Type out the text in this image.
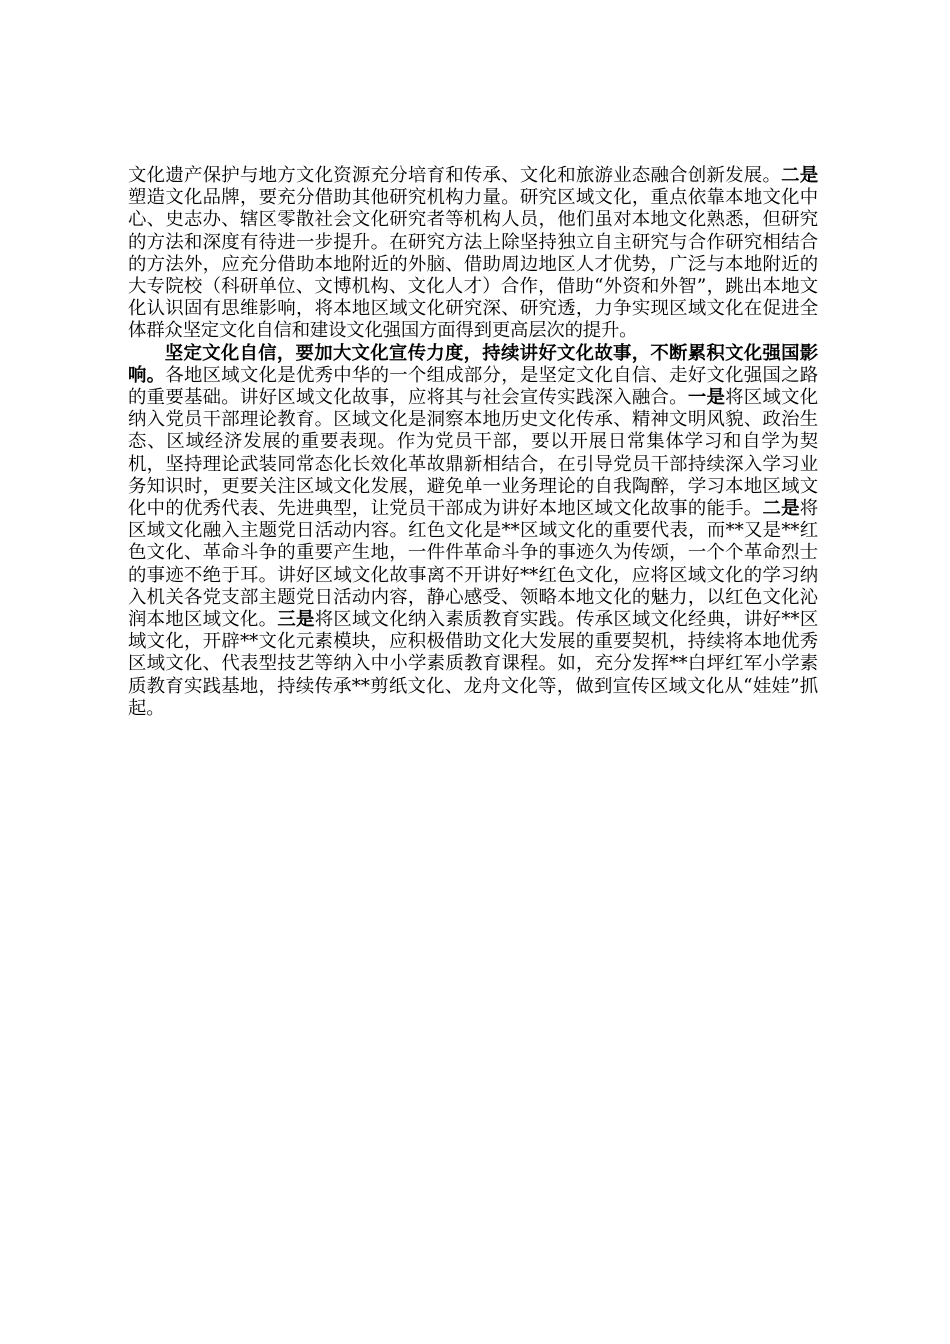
文化遗产保护与地方文化资源充分培育和传承、文化和旅游业态融合创新发展。二是塑造文化品牌，要充分借助其他研究机构力量。研究区域文化，重点依靠本地文化中心、史志办、辖区零散社会文化研究者等机构人员，他们虽对本地文化熟悉，但研究的方法和深度有待进一步提升。在研究方法上除坚持独立自主研究与合作研究相结合的方法外，应充分借助本地附近的外脑、借助周边地区人才优势，广泛与本地附近的大专院校（科研单位、文博机构、文化人才）合作，借助“外资和外智”，跳出本地文化认识固有思维影响，将本地区域文化研究深、研究透，力争实现区域文化在促进全体群众坚定文化自信和建设文化强国方面得到更高层次的提升。

坚定文化自信，要加大文化宣传力度，持续讲好文化故事，不断累积文化强国影响。各地区域文化是优秀中华的一个组成部分，是坚定文化自信、走好文化强国之路的重要基础。讲好区域文化故事，应将其与社会宣传实践深入融合。一是将区域文化纳入党员干部理论教育。区域文化是洞察本地历史文化传承、精神文明风貌、政治生态、区域经济发展的重要表现。作为党员干部，要以开展日常集体学习和自学为契机，坚持理论武装同常态化长效化革故鼎新相结合，在引导党员干部持续深入学习业务知识时，更要关注区域文化发展，避免单一业务理论的自我陶醉，学习本地区域文化中的优秀代表、先进典型，让党员干部成为讲好本地区域文化故事的能手。二是将区域文化融入主题党日活动内容。红色文化是**区域文化的重要代表，而**又是**红色文化、革命斗争的重要产生地，一件件革命斗争的事迹久为传颂，一个个革命烈士的事迹不绝于耳。讲好区域文化故事离不开讲好**红色文化，应将区域文化的学习纳入机关各党支部主题党日活动内容，静心感受、领略本地文化的魅力，以红色文化沁润本地区域文化。三是将区域文化纳入素质教育实践。传承区域文化经典，讲好**区域文化，开辟**文化元素模块，应积极借助文化大发展的重要契机，持续将本地优秀区域文化、代表型技艺等纳入中小学素质教育课程。如，充分发挥**白坪红军小学素质教育实践基地，持续传承**剪纸文化、龙舟文化等，做到宣传区域文化从“娃娃”抓起。
